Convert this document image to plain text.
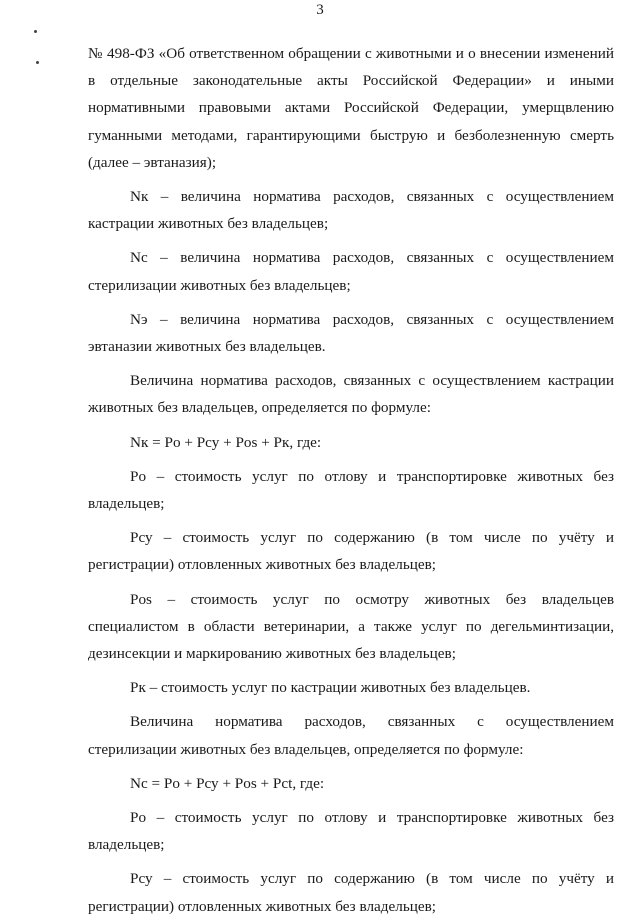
3

№ 498-ФЗ «Об ответственном обращении с животными и о внесении изменений в отдельные законодательные акты Российской Федерации» и иными нормативными правовыми актами Российской Федерации, умерщвлению гуманными методами, гарантирующими быструю и безболезненную смерть (далее – эвтаназия);

Nк – величина норматива расходов, связанных с осуществлением кастрации животных без владельцев;

Nс – величина норматива расходов, связанных с осуществлением стерилизации животных без владельцев;

Nэ – величина норматива расходов, связанных с осуществлением эвтаназии животных без владельцев.

Величина норматива расходов, связанных с осуществлением кастрации животных без владельцев, определяется по формуле:

Nк = Pо + Pсу + Pos + Pк, где:

Pо – стоимость услуг по отлову и транспортировке животных без владельцев;

Pсу – стоимость услуг по содержанию (в том числе по учёту и регистрации) отловленных животных без владельцев;

Pos – стоимость услуг по осмотру животных без владельцев специалистом в области ветеринарии, а также услуг по дегельминтизации, дезинсекции и маркированию животных без владельцев;

Pк – стоимость услуг по кастрации животных без владельцев.

Величина норматива расходов, связанных с осуществлением стерилизации животных без владельцев, определяется по формуле:

Nс = Pо + Pсу + Pos + Pct, где:

Pо – стоимость услуг по отлову и транспортировке животных без владельцев;

Pсу – стоимость услуг по содержанию (в том числе по учёту и регистрации) отловленных животных без владельцев;
